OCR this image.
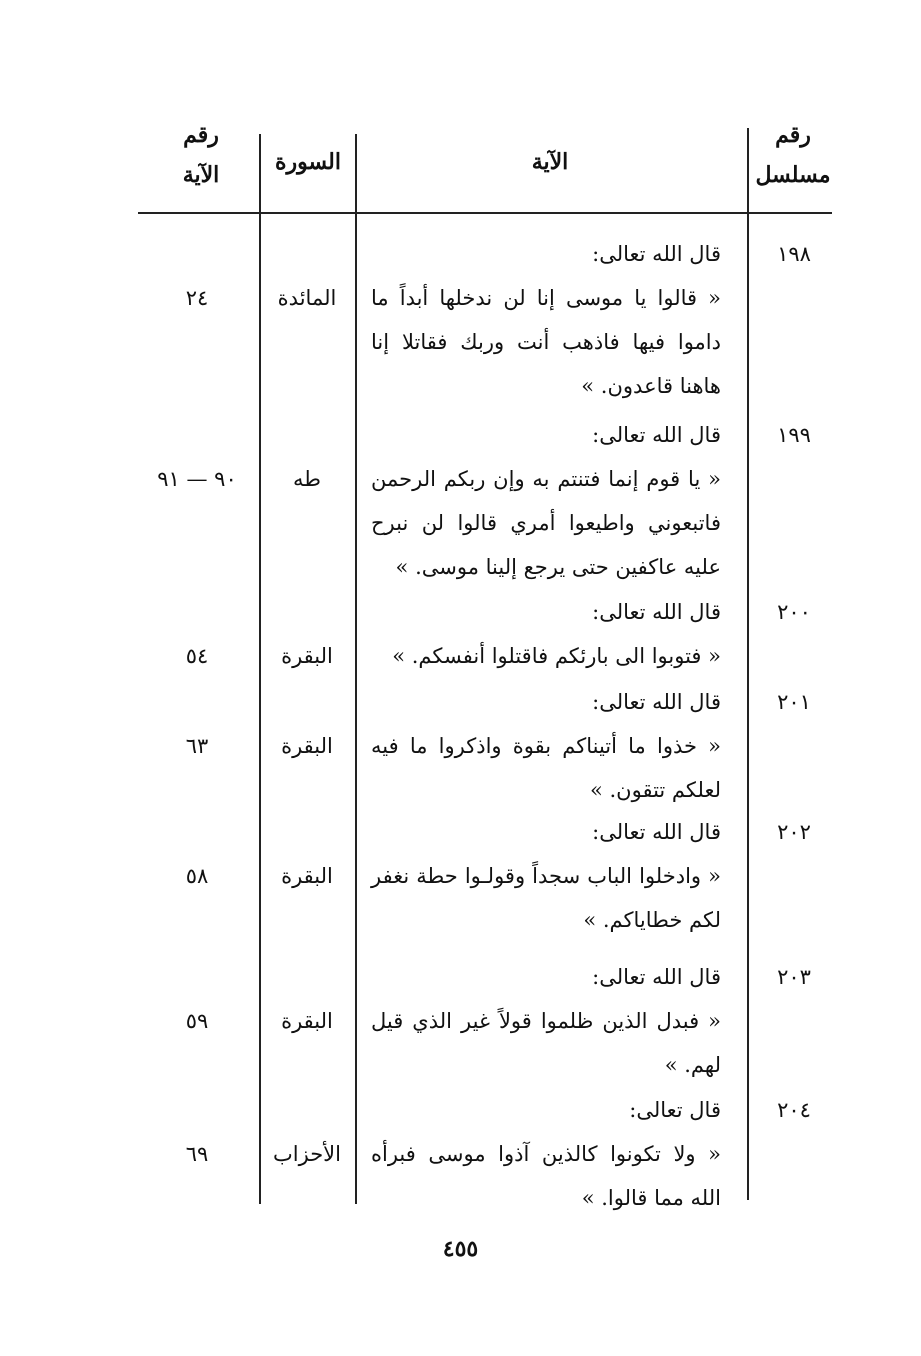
رقم
مسلسل
الآية
السورة
رقم
الآية
١٩٨
قال الله تعالى:
« قالوا يا موسى إنا لن ندخلها أبداً ما داموا فيها فاذهب أنت وربك فقاتلا إنا هاهنا قاعدون. »
المائدة
٢٤
١٩٩
قال الله تعالى:
« يا قوم إنما فتنتم به وإن ربكم الرحمن فاتبعوني واطيعوا أمري قالوا لن نبرح عليه عاكفين حتى يرجع إلينا موسى. »
طه
٩٠ — ٩١
٢٠٠
قال الله تعالى:
« فتوبوا الى بارئكم فاقتلوا أنفسكم. »
البقرة
٥٤
٢٠١
قال الله تعالى:
« خذوا ما أتيناكم بقوة واذكروا ما فيه لعلكم تتقون. »
البقرة
٦٣
٢٠٢
قال الله تعالى:
« وادخلوا الباب سجداً وقولـوا حطة نغفر لكم خطاياكم. »
البقرة
٥٨
٢٠٣
قال الله تعالى:
« فبدل الذين ظلموا قولاً غير الذي قيل لهم. »
البقرة
٥٩
٢٠٤
قال تعالى:
« ولا تكونوا كالذين آذوا موسى فبرأه الله مما قالوا. »
الأحزاب
٦٩
٤٥٥
